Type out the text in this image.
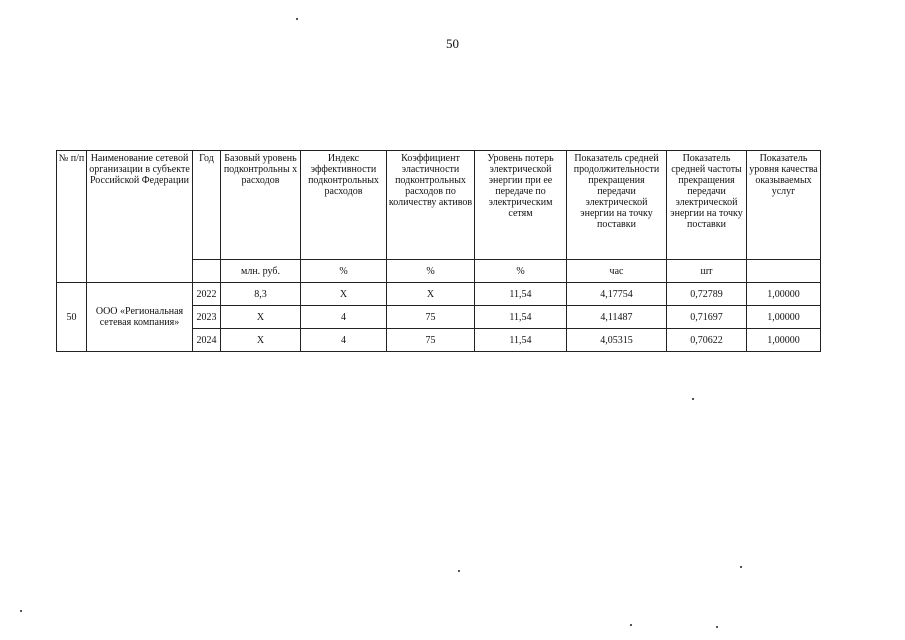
50
№ п/п	Наименование сетевой организации в субъекте Российской Федерации	Год	Базовый уровень подконтрольны х расходов	Индекс эффективности подконтрольных расходов	Коэффициент эластичности подконтрольных расходов по количеству активов	Уровень потерь электрической энергии при ее передаче по электрическим сетям	Показатель средней продолжительности прекращения передачи электрической энергии на точку поставки	Показатель средней частоты прекращения передачи электрической энергии на точку поставки	Показатель уровня качества оказываемых услуг
			млн. руб.	%	%	%	час	шт	
50	ООО «Региональная сетевая компания»	2022	8,3	X	X	11,54	4,17754	0,72789	1,00000
		2023	X	4	75	11,54	4,11487	0,71697	1,00000
		2024	X	4	75	11,54	4,05315	0,70622	1,00000
